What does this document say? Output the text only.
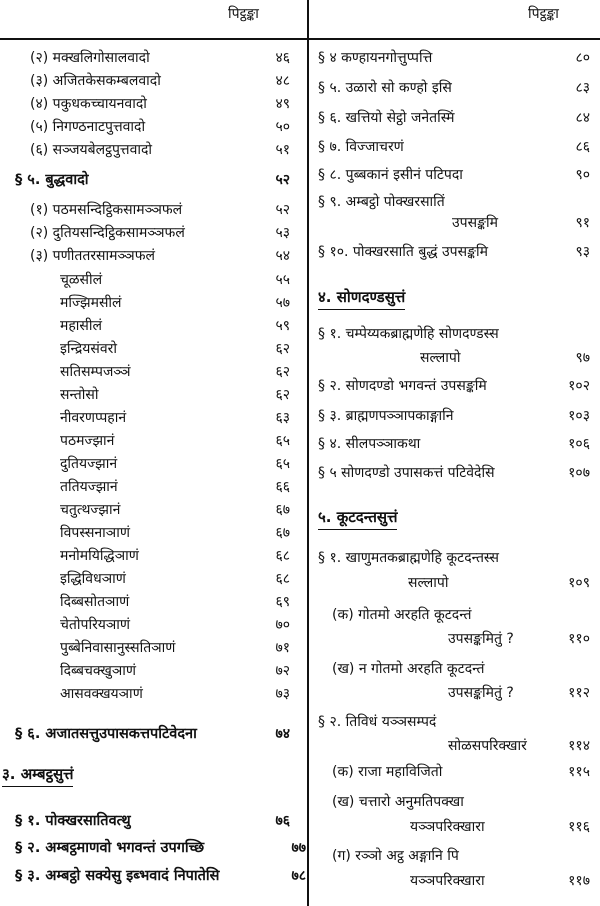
पिट्ठङ्का	पिट्ठङ्का
(२) मक्खलिगोसालवादो	४६
(३) अजितकेसकम्बलवादो	४८
(४) पकुधकच्चायनवादो	४९
(५) निगण्ठनाटपुत्तवादो	५०
(६) सञ्जयबेलट्ठपुत्तवादो	५१
§ ५. बुद्धवादो	५२
(१) पठमसन्दिट्ठिकसामञ्ञफलं	५२
(२) दुतियसन्दिट्ठिकसामञ्ञफलं	५३
(३) पणीततरसामञ्ञफलं	५४
चूळसीलं	५५
मज्झिमसीलं	५७
महासीलं	५९
इन्द्रियसंवरो	६२
सतिसम्पजञ्ञं	६२
सन्तोसो	६२
नीवरणप्पहानं	६३
पठमज्झानं	६५
दुतियज्झानं	६५
ततियज्झानं	६६
चतुत्थज्झानं	६७
विपस्सनाञाणं	६७
मनोमयिद्धिञाणं	६८
इद्धिविधञाणं	६८
दिब्बसोतञाणं	६९
चेतोपरियञाणं	७०
पुब्बेनिवासानुस्सतिञाणं	७१
दिब्बचक्खुञाणं	७२
आसवक्खयञाणं	७३
§ ६. अजातसत्तुउपासकत्तपटिवेदना	७४
३. अम्बट्ठसुत्तं
§ १. पोक्खरसातिवत्थु	७६
§ २. अम्बट्ठमाणवो भगवन्तं उपगच्छि	७७
§ ३. अम्बट्ठो सक्येसु इब्भवादं निपातेसि	७८
§ ४ कण्हायनगोत्तुप्पत्ति	८०
§ ५. उळारो सो कण्हो इसि	८३
§ ६. खत्तियो सेट्ठो जनेतस्मिं	८४
§ ७. विज्जाचरणं	८६
§ ८. पुब्बकानं इसीनं पटिपदा	९०
§ ९. अम्बट्ठो पोक्खरसातिं
उपसङ्कमि	९१
§ १०. पोक्खरसाति बुद्धं उपसङ्कमि	९३
४. सोणदण्डसुत्तं
§ १. चम्पेय्यकब्राह्मणेहि सोणदण्डस्स
सल्लापो	९७
§ २. सोणदण्डो भगवन्तं उपसङ्कमि	१०२
§ ३. ब्राह्मणपञ्ञापकाङ्गानि	१०३
§ ४. सीलपञ्ञाकथा	१०६
§ ५ सोणदण्डो उपासकत्तं पटिवेदेसि	१०७
५. कूटदन्तसुत्तं
§ १. खाणुमतकब्राह्मणेहि कूटदन्तस्स
सल्लापो	१०९
(क) गोतमो अरहति कूटदन्तं
उपसङ्कमितुं ?	११०
(ख) न गोतमो अरहति कूटदन्तं
उपसङ्कमितुं ?	११२
§ २. तिविधं यञ्ञसम्पदं
सोळसपरिक्खारं	११४
(क) राजा महाविजितो	११५
(ख) चत्तारो अनुमतिपक्खा
यञ्ञपरिक्खारा	११६
(ग) रञ्ञो अट्ठ अङ्गानि पि
यञ्ञपरिक्खारा	११७
